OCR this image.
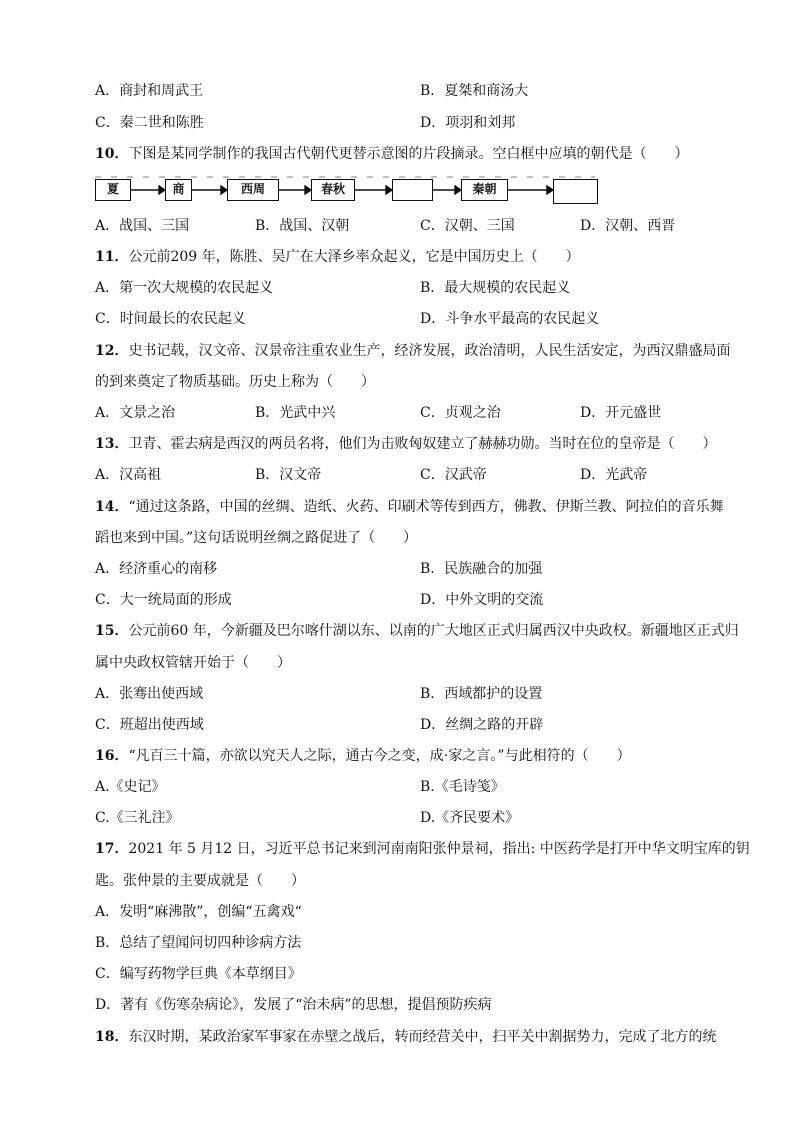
A．商封和周武王	B．夏桀和商汤大
C．秦二世和陈胜	D．项羽和刘邦
10．下图是某同学制作的我国古代朝代更替示意图的片段摘录。空白框中应填的朝代是（　　）
夏	商	西周	春秋	秦朝
A．战国、三国	B．战国、汉朝	C．汉朝、三国	D．汉朝、西晋
11．公元前209 年，陈胜、吴广在大泽乡率众起义，它是中国历史上（　　）
A．第一次大规模的农民起义	B．最大规模的农民起义
C．时间最长的农民起义	D．斗争水平最高的农民起义
12．史书记载，汉文帝、汉景帝注重农业生产，经济发展，政治清明，人民生活安定，为西汉鼎盛局面
的到来奠定了物质基础。历史上称为（　　）
A．文景之治	B．光武中兴	C．贞观之治	D．开元盛世
13．卫青、霍去病是西汉的两员名将，他们为击败匈奴建立了赫赫功勋。当时在位的皇帝是（　　）
A．汉高祖	B．汉文帝	C．汉武帝	D．光武帝
14．“通过这条路，中国的丝绸、造纸、火药、印刷术等传到西方，佛教、伊斯兰教、阿拉伯的音乐舞
蹈也来到中国。”这句话说明丝绸之路促进了（　　）
A．经济重心的南移	B．民族融合的加强
C．大一统局面的形成	D．中外文明的交流
15．公元前60 年，今新疆及巴尔喀什湖以东、以南的广大地区正式归属西汉中央政权。新疆地区正式归
属中央政权管辖开始于（　　）
A．张骞出使西域	B．西域都护的设置
C．班超出使西域	D．丝绸之路的开辟
16．“凡百三十篇，亦欲以究天人之际，通古今之变，成⋅家之言。”与此相符的（　　）
A.《史记》	B.《毛诗笺》
C.《三礼注》	D.《齐民要术》
17．2021 年 5 月12 日，习近平总书记来到河南南阳张仲景祠，指出: 中医药学是打开中华文明宝库的钥
匙。张仲景的主要成就是（　　）
A．发明“麻沸散”，创编“五禽戏“
B．总结了望闻问切四种诊病方法
C．编写药物学巨典《本草纲目》
D．著有《伤寒杂病论》，发展了“治未病”的思想，提倡预防疾病
18．东汉时期，某政治家军事家在赤壁之战后，转而经营关中，扫平关中割据势力，完成了北方的统
